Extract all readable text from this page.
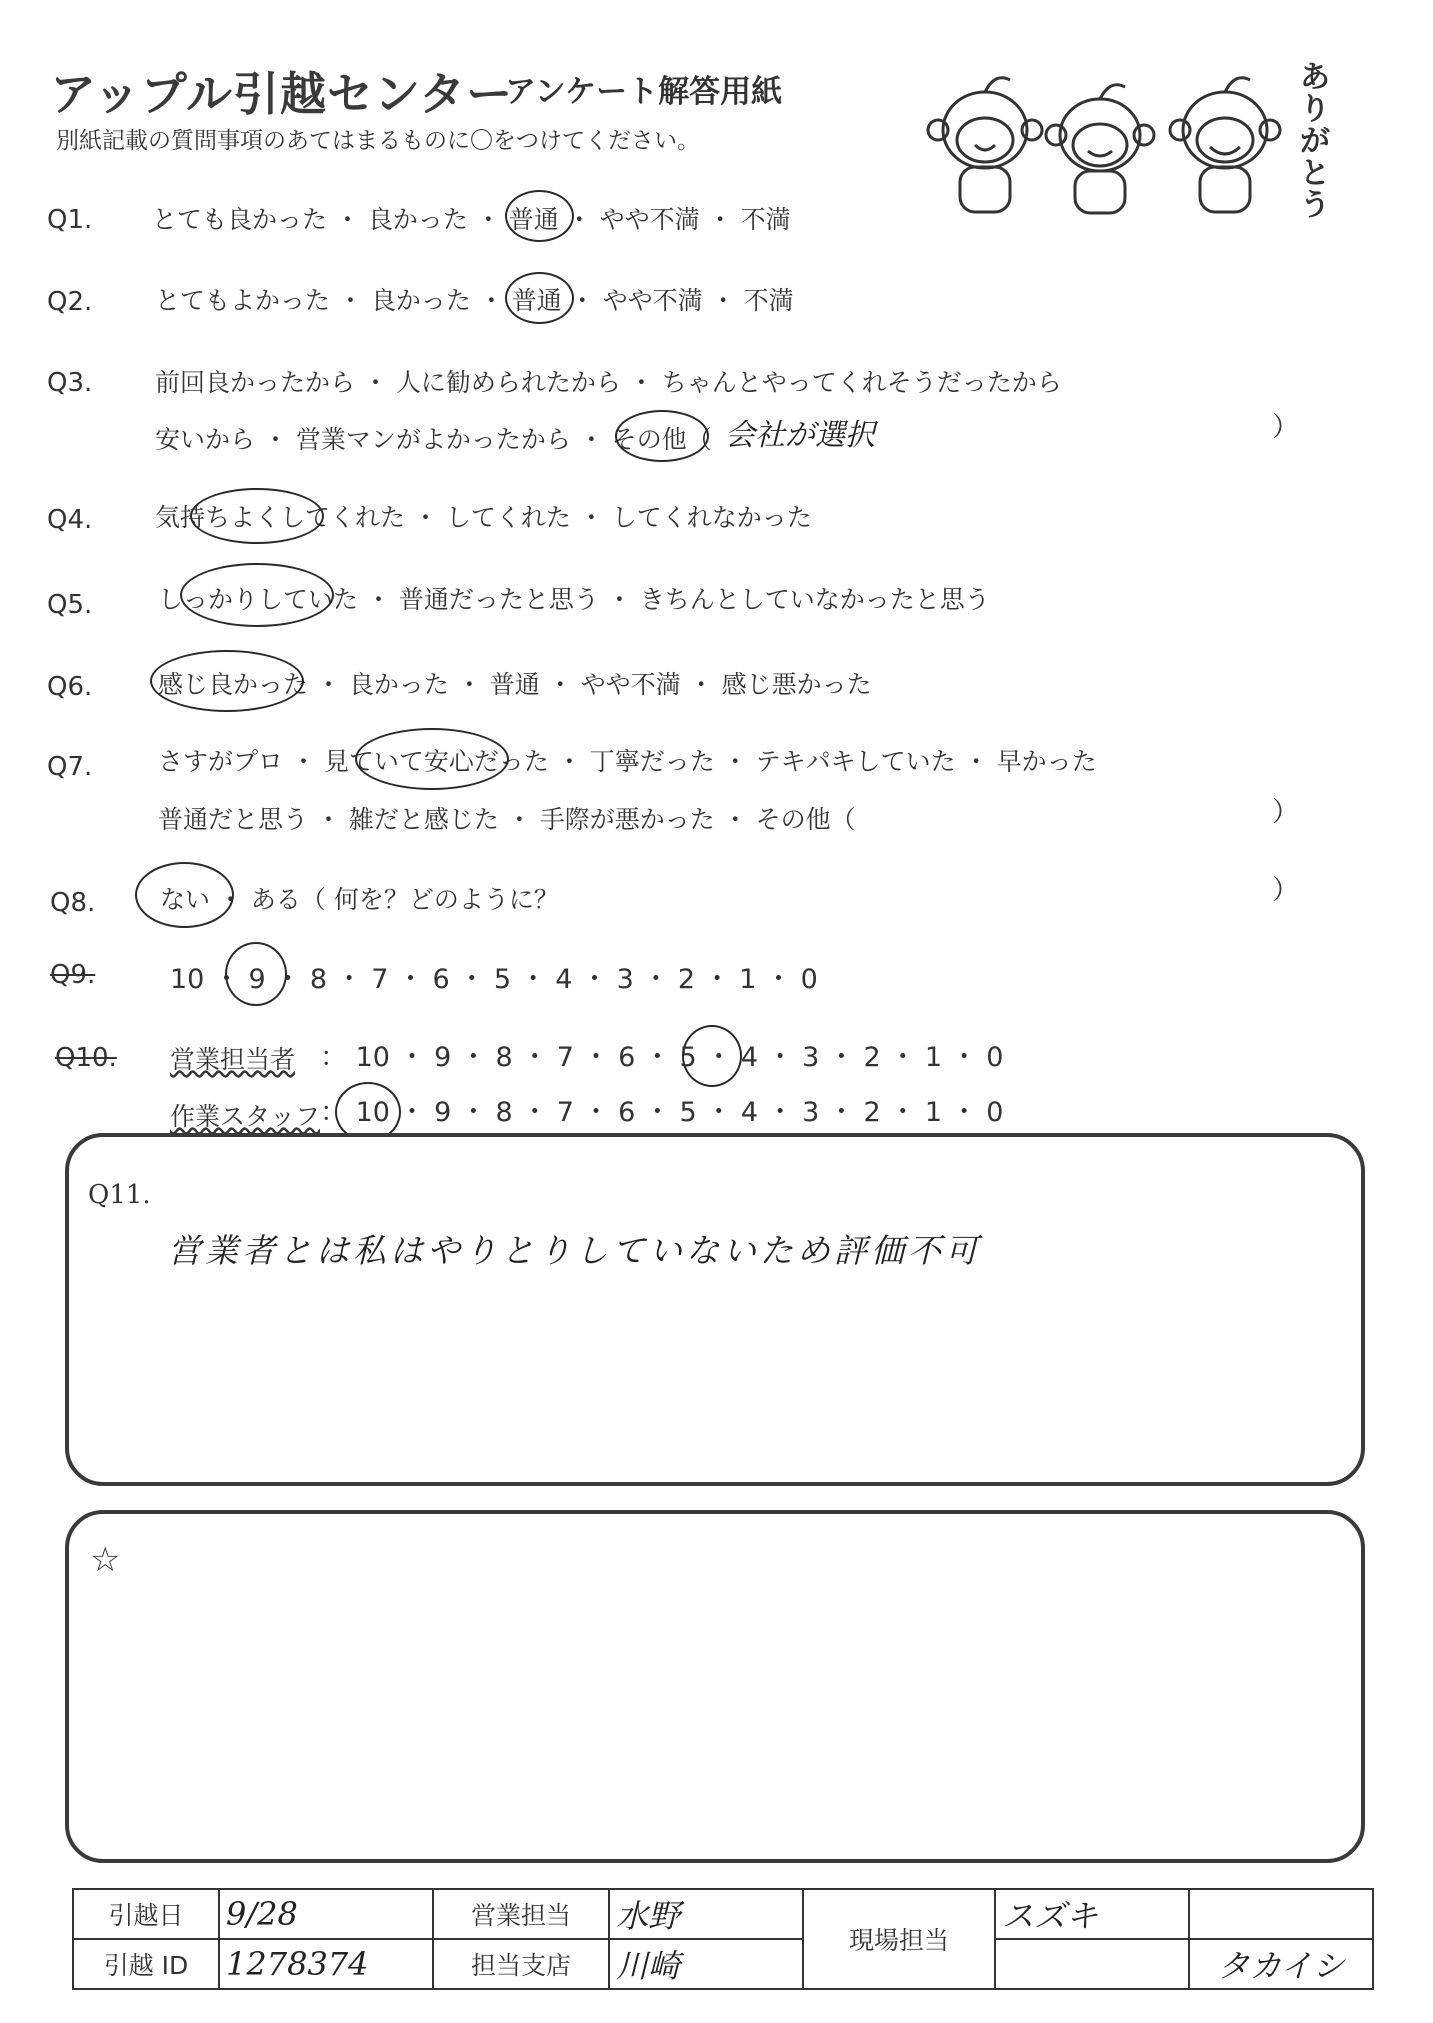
アップル引越センター
アンケート解答用紙
別紙記載の質問事項のあてはまるものに〇をつけてください。
ありがとう
Q1. とても良かった ・ 良かった ・ 普通 ・ やや不満 ・ 不満
Q2.	とてもよかった ・ 良かった ・ 普通 ・ やや不満 ・ 不満
Q3.	前回良かったから ・ 人に勧められたから ・ ちゃんとやってくれそうだったから
安いから ・ 営業マンがよかったから ・ その他（ 会社が選択	）
Q4.	気持ちよくしてくれた ・ してくれた ・ してくれなかった
Q5.	しっかりしていた ・ 普通だったと思う ・ きちんとしていなかったと思う
Q6.	感じ良かった ・ 良かった ・ 普通 ・ やや不満 ・ 感じ悪かった
Q7.	さすがプロ ・ 見ていて安心だった ・ 丁寧だった ・ テキパキしていた ・ 早かった
普通だと思う ・ 雑だと感じた ・ 手際が悪かった ・ その他（	）
Q8.	ない ・ ある（ 何を？どのように？	）
Q9.	10 ・ 9 ・ 8 ・ 7 ・ 6 ・ 5 ・ 4 ・ 3 ・ 2 ・ 1 ・ 0
Q10. 営業担当者 ： 10 ・ 9 ・ 8 ・ 7 ・ 6 ・ 5 ・ 4 ・ 3 ・ 2 ・ 1 ・ 0
作業スタッフ ： 10 ・ 9 ・ 8 ・ 7 ・ 6 ・ 5 ・ 4 ・ 3 ・ 2 ・ 1 ・ 0
Q11.
営業者とは私はやりとりしていないため評価不可
☆
引越日	9/28	営業担当	水野	現場担当	スズキ	
引越 ID	1278374	担当支店	川崎			タカイシ
